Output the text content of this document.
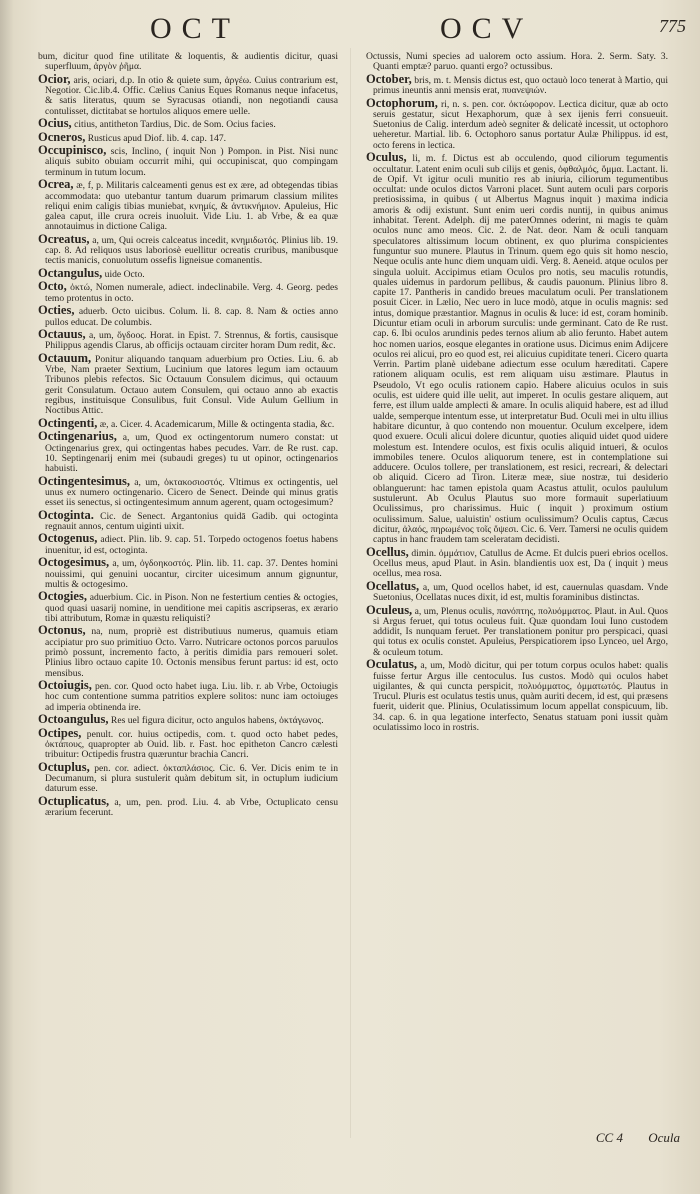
OCT	OCV	775

bum, dicitur quod fine utilitate & loquentis, & audientis dicitur, quasi superfluum, ἀργὸν ῥῆμα.

Ocior, aris, ociari, d.p. In otio & quiete sum, ἀργέω. Cuius contrarium est, Negotior. Cic.lib.4. Offic. Cælius Canius Eques Romanus neque infacetus, & satis literatus, quum se Syracusas otiandi, non negotiandi causa contulisset, dictitabat se hortulos aliquos emere uelle.

Ocius, citius, antitheton Tardius, Dic. de Som. Ocius facies.

Ocneros, Rusticus apud Diof. lib. 4. cap. 147.

Occupinisco, scis, Inclino, ( inquit Non ) Pompon. in Pist. Nisi nunc aliquis subito obuiam occurrit mihi, qui occupiniscat, quo compingam terminum in tutum locum.

Ocrea, æ, f, p. Militaris calceamenti genus est ex ære, ad obtegendas tibias accommodata: quo utebantur tantum duarum primarum classium milites reliqui enim caligis tibias muniebat, κνημίς, & ἀντικνήμιον. Apuleius, Hic galea caput, ille crura ocreis inuoluit. Vide Liu. 1. ab Vrbe, & ea quæ annotauimus in dictione Caliga.

Ocreatus, a, um, Qui ocreis calceatus incedit, κνημιδωτός. Plinius lib. 19. cap. 8. Ad reliquos usus laboriosè euellitur ocreatis cruribus, manibusque tectis manicis, conuolutum ossefis ligneisue comanentis.

Octangulus, uide Octo.

Octo, ὀκτώ, Nomen numerale, adiect. indeclinabile. Verg. 4. Georg. pedes temo protentus in octo.

Octies, aduerb. Octo uicibus. Colum. li. 8. cap. 8. Nam & octies anno pullos educat. De columbis.

Octauus, a, um, ὄγδοος. Horat. in Epist. 7. Strennus, & fortis, causisque Philippus agendis Clarus, ab officijs octauam circiter horam Dum redit, &c.

Octauum, Ponitur aliquando tanquam aduerbium pro Octies. Liu. 6. ab Vrbe, Nam praeter Sextium, Lucinium que latores legum iam octauum Tribunos plebis refectos. Sic Octauum Consulem dicimus, qui octauum gerit Consulatum. Octauo autem Consulem, qui octauo anno ab exactis regibus, instituisque Consulibus, fuit Consul. Vide Aulum Gellium in Noctibus Attic.

Octingenti, æ, a. Cicer. 4. Academicarum, Mille & octingenta stadia, &c.

Octingenarius, a, um, Quod ex octingentorum numero constat: ut Octingenarius grex, qui octingentas habes pecudes. Varr. de Re rust. cap. 10. Septingenarij enim mei (subaudi greges) tu ut opinor, octingenarios habuisti.

Octingentesimus, a, um, ὀκτακοσιοστός. Vltimus ex octingentis, uel unus ex numero octingenario. Cicero de Senect. Deinde qui minus gratis esset iis senectus, si octingentesimum annum agerent, quam octogesimum?

Octoginta. Cic. de Senect. Argantonius quidā Gadib. qui octoginta regnauit annos, centum uiginti uixit.

Octogenus, adiect. Plin. lib. 9. cap. 51. Torpedo octogenos foetus habens inuenitur, id est, octoginta.

Octogesimus, a, um, ὀγδοηκοστός. Plin. lib. 11. cap. 37. Dentes homini nouissimi, qui genuini uocantur, circiter uicesimum annum gignuntur, multis & octogesimo.

Octogies, aduerbium. Cic. in Pison. Non ne festertium centies & octogies, quod quasi uasarij nomine, in uenditione mei capitis ascripseras, ex ærario tibi attributum, Romæ in quæstu reliquisti?

Octonus, na, num, propriè est distributiuus numerus, quamuis etiam accipiatur pro suo primitiuo Octo. Varro. Nutricare octonos porcos paruulos primò possunt, incremento facto, à peritis dimidia pars remoueri solet. Plinius libro octauo capite 10. Octonis mensibus ferunt partus: id est, octo mensibus.

Octoiugis, pen. cor. Quod octo habet iuga. Liu. lib. r. ab Vrbe, Octoiugis hoc cum contentione summa patritios explere solitos: nunc iam octoiuges ad imperia obtinenda ire.

Octoangulus, Res uel figura dicitur, octo angulos habens, ὀκτάγωνος.

Octipes, penult. cor. huius octipedis, com. t. quod octo habet pedes, ὀκτάπους, quapropter ab Ouid. lib. r. Fast. hoc epitheton Cancro cælesti tribuitur: Octipedis frustra quæruntur brachia Cancri.

Octuplus, pen. cor. adiect. ὀκταπλάσιος. Cic. 6. Ver. Dicis enim te in Decumanum, si plura sustulerit quàm debitum sit, in octuplum iudicium daturum esse.

Octuplicatus, a, um, pen. prod. Liu. 4. ab Vrbe, Octuplicato censu ærarium fecerunt.

Octussis, Numi species ad ualorem octo assium. Hora. 2. Serm. Saty. 3. Quanti emptæ? paruo. quanti ergo? octussibus.

October, bris, m. t. Mensis dictus est, quo octauò loco tenerat à Martio, qui primus ineuntis anni mensis erat, πυανεψιών.

Octophorum, ri, n. s. pen. cor. ὀκτώφορον. Lectica dicitur, quæ ab octo seruis gestatur, sicut Hexaphorum, quæ à sex ijenis ferri consueuit. Suetonius de Calig. interdum adeò segniter & delicatè incessit, ut octophoro ueheretur. Martial. lib. 6. Octophoro sanus portatur Aulæ Philippus. id est, octo ferens in lectica.

Oculus, li, m. f. Dictus est ab occulendo, quod ciliorum tegumentis occultatur. Latent enim oculi sub cilijs et genis, ὀφθαλμός, ὄμμα. Lactant. li. de Opif. Vt igitur oculi munitio res ab iniuria, ciliorum tegumentibus occultat: unde oculos dictos Varroni placet. Sunt autem oculi pars corporis pretiosissima, in quibus ( ut Albertus Magnus inquit ) maxima indicia amoris & odij existunt. Sunt enim ueri cordis nuntij, in quibus animus inhabitat. Terent. Adelph. dij me paterOmnes oderint, ni magis te quàm oculos nunc amo meos. Cic. 2. de Nat. deor. Nam & oculi tanquam speculatores altissimum locum obtinent, ex quo plurima conspicientes funguntur suo munere. Plautus in Trinum. quem ego quis sit homo nescio, Neque oculis ante hunc diem unquam uidi. Verg. 8. Aeneid. atque oculos per singula uoluit. Accipimus etiam Oculos pro notis, seu maculis rotundis, quales uidemus in pardorum pellibus, & caudis pauonum. Plinius libro 8. capite 17. Pantheris in candido breues maculatum oculi. Per translationem posuit Cicer. in Lælio, Nec uero in luce modò, atque in oculis magnis: sed intus, domique præstantior. Magnus in oculis & luce: id est, coram hominib. Dicuntur etiam oculi in arborum surculis: unde germinant. Cato de Re rust. cap. 6. Ibi oculos arundinis pedes ternos alium ab alio ferunto. Habet autem hoc nomen uarios, eosque elegantes in oratione usus. Dicimus enim Adijcere oculos rei alicui, pro eo quod est, rei alicuius cupiditate teneri. Cicero quarta Verrin. Partim planè uidebane adiectum esse oculum hæreditati. Capere rationem aliquam oculis, est rem aliquam uisu æstimare. Plautus in Pseudolo, Vt ego oculis rationem capio. Habere alicuius oculos in suis oculis, est uidere quid ille uelit, aut imperet. In oculis gestare aliquem, aut ferre, est illum ualde amplecti & amare. In oculis aliquid habere, est ad illud ualde, semperque intentum esse, ut interpretatur Bud. Oculi mei in ultu illius habitare dicuntur, à quo contendo non mouentur. Oculum excelpere, idem quod exuere. Oculi alicui dolere dicuntur, quoties aliquid uidet quod uidere molestum est. Intendere oculos, est fixis oculis aliquid intueri, & oculos immobiles tenere. Oculos aliquorum tenere, est in contemplatione sui adducere. Oculos tollere, per translationem, est resici, recreari, & delectari ob aliquid. Cicero ad Tiron. Literæ meæ, siue nostræ, tui desiderio oblanguerunt: hac tamen epistola quam Acastus attulit, oculos paululum sustulerunt. Ab Oculus Plautus suo more formauit superlatiuum Oculissimus, pro charissimus. Huic ( inquit ) proximum ostium oculissimum. Salue, ualuistin' ostium oculissimum? Oculis captus, Cæcus dicitur, ἀλαός, πηρωμένος τοῖς ὄψεσι. Cic. 6. Verr. Tamersi ne oculis quidem captus in hanc fraudem tam sceleratam decidisti.

Ocellus, dimin. ὀμμάτιον, Catullus de Acme. Et dulcis pueri ebrios ocellos. Ocellus meus, apud Plaut. in Asin. blandientis uox est, Da ( inquit ) meus ocellus, mea rosa.

Ocellatus, a, um, Quod ocellos habet, id est, cauernulas quasdam. Vnde Suetonius, Ocellatas nuces dixit, id est, multis foraminibus distinctas.

Oculeus, a, um, Plenus oculis, πανόπτης, πολυόμματος. Plaut. in Aul. Quos si Argus feruet, qui totus oculeus fuit. Quæ quondam Ioui Iuno custodem addidit, Is nunquam feruet. Per translationem ponitur pro perspicaci, quasi qui totus ex oculis constet. Apuleius, Perspicatiorem ipso Lynceo, uel Argo, & oculeum totum.

Oculatus, a, um, Modò dicitur, qui per totum corpus oculos habet: qualis fuisse fertur Argus ille centoculus. Ius custos. Modò qui oculos habet uigilantes, & qui cuncta perspicit, πολυόμματος, ὀμματωτός. Plautus in Trucul. Pluris est oculatus testis unus, quàm auriti decem, id est, qui præsens fuerit, uiderit que. Plinius, Oculatissimum locum appellat conspicuum, lib. 34. cap. 6. in qua legatione interfecto, Senatus statuam poni iussit quàm oculatissimo loco in rostris.

CC 4 Ocula
